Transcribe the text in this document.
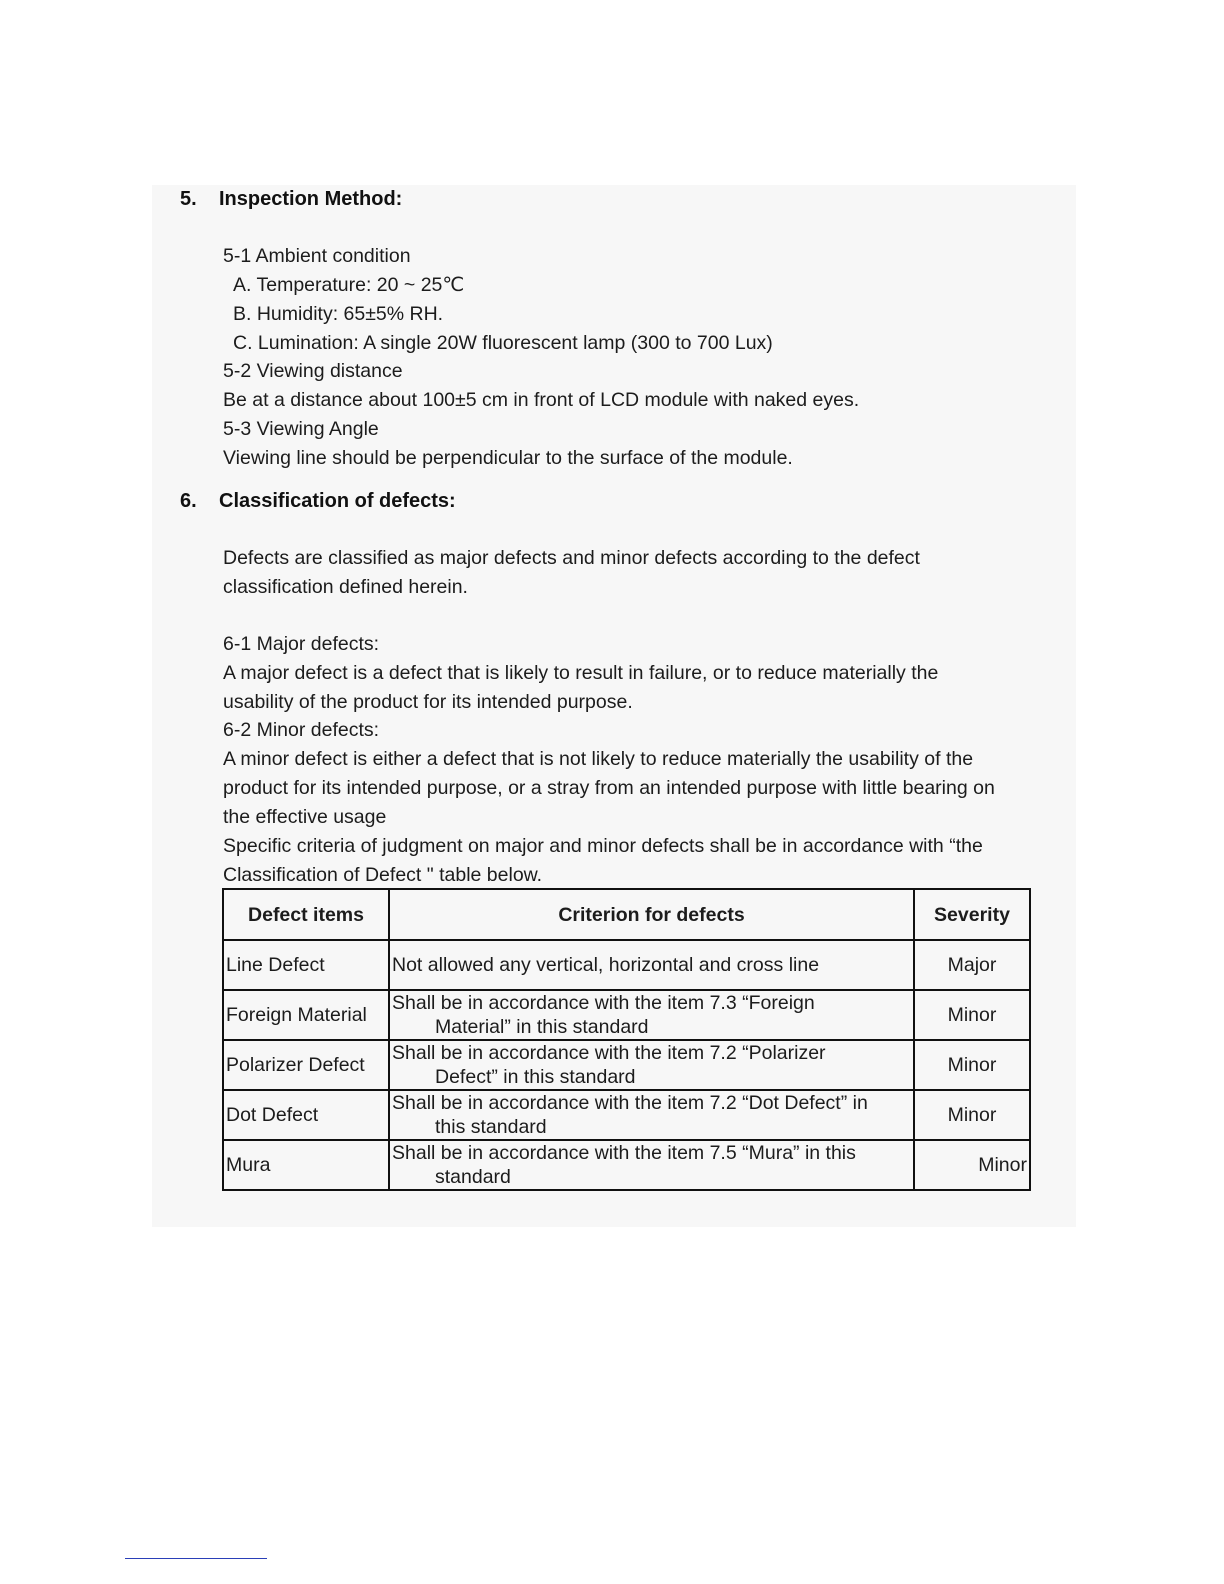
5. Inspection Method:
5-1 Ambient condition
A. Temperature: 20 ~ 25℃
B. Humidity: 65±5% RH.
C. Lumination: A single 20W fluorescent lamp (300 to 700 Lux)
5-2 Viewing distance
Be at a distance about 100±5 cm in front of LCD module with naked eyes.
5-3 Viewing Angle
Viewing line should be perpendicular to the surface of the module.
6. Classification of defects:
Defects are classified as major defects and minor defects according to the defect
classification defined herein.
6-1 Major defects:
A major defect is a defect that is likely to result in failure, or to reduce materially the
usability of the product for its intended purpose.
6-2 Minor defects:
A minor defect is either a defect that is not likely to reduce materially the usability of the
product for its intended purpose, or a stray from an intended purpose with little bearing on
the effective usage
Specific criteria of judgment on major and minor defects shall be in accordance with “the
Classification of Defect " table below.
Defect items	Criterion for defects	Severity
Line Defect	Not allowed any vertical, horizontal and cross line	Major
Foreign Material	Shall be in accordance with the item 7.3 “Foreign
Material” in this standard	Minor
Polarizer Defect	Shall be in accordance with the item 7.2 “Polarizer
Defect” in this standard	Minor
Dot Defect	Shall be in accordance with the item 7.2 “Dot Defect” in
this standard	Minor
Mura	Shall be in accordance with the item 7.5 “Mura” in this
standard	Minor
